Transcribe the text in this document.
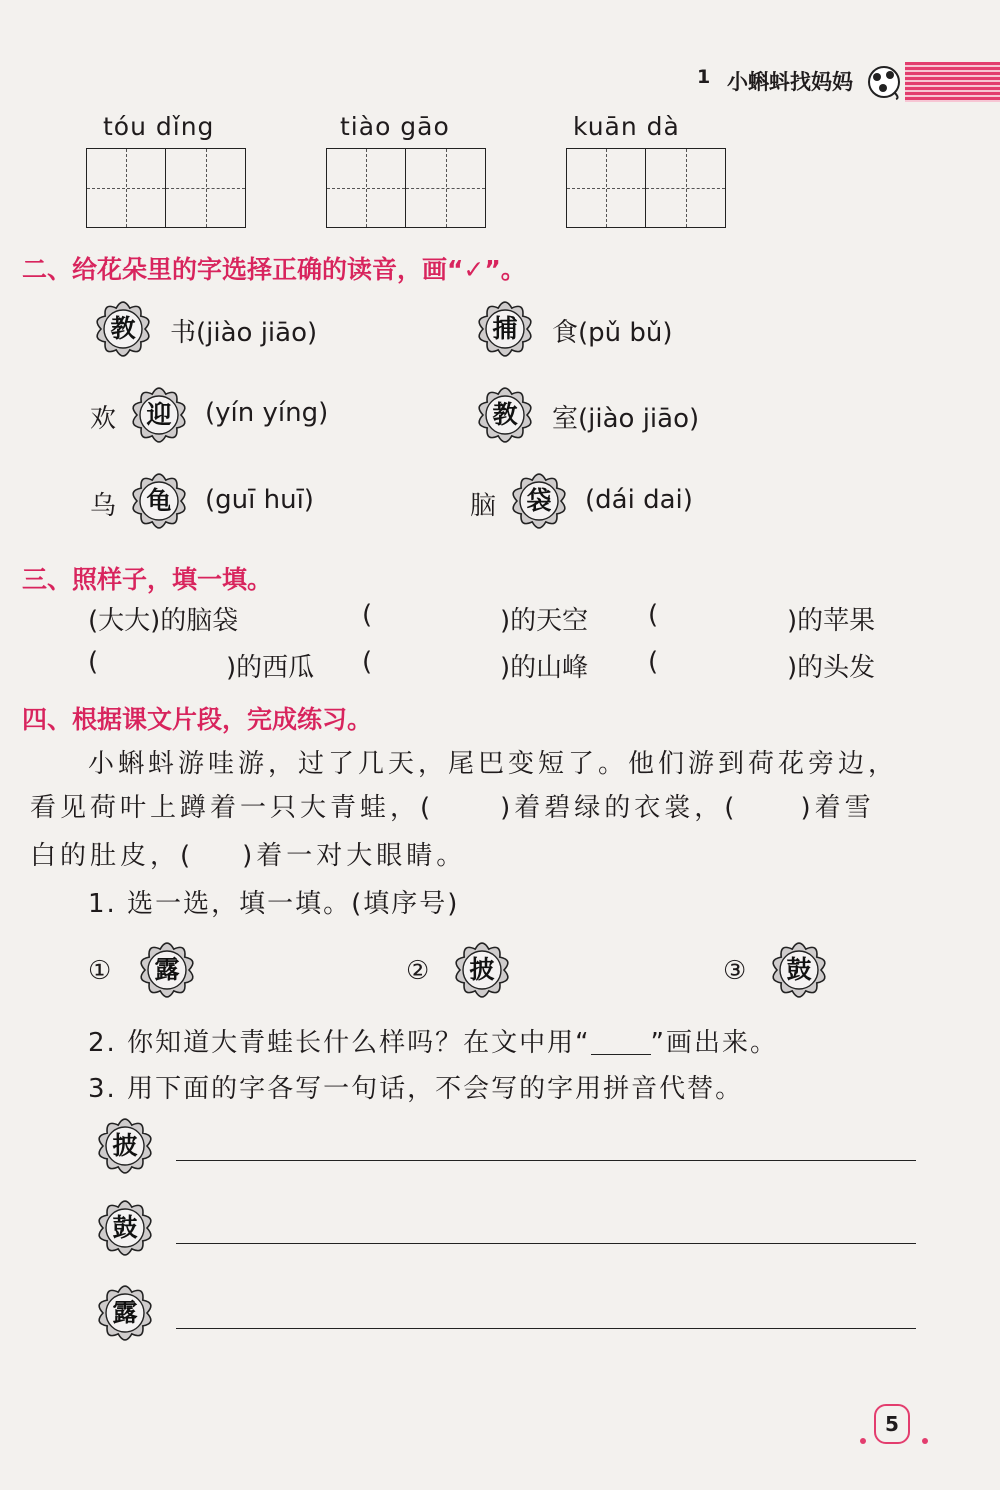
1 小蝌蚪找妈妈
tóu dǐng	tiào gāo	kuān dà
二、给花朵里的字选择正确的读音，画“✓”。
教	书(jiào jiāo)	捕	食(pǔ bǔ)
欢	迎	(yín yíng)	教	室(jiào jiāo)
乌	龟	(guī huī)	脑	袋	(dái dai)
三、照样子，填一填。
(大大)的脑袋	(	)的天空 (	)的苹果
(	)的西瓜 (	)的山峰 (	)的头发
四、根据课文片段，完成练习。
小蝌蚪游哇游，过了几天，尾巴变短了。他们游到荷花旁边，
看见荷叶上蹲着一只大青蛙，(	)着碧绿的衣裳，( )着雪
白的肚皮，( )着一对大眼睛。
1. 选一选，填一填。(填序号)
①	露	②	披	③	鼓
2. 你知道大青蛙长什么样吗？在文中用“ ”画出来。
3. 用下面的字各写一句话，不会写的字用拼音代替。
披
鼓
露
5
